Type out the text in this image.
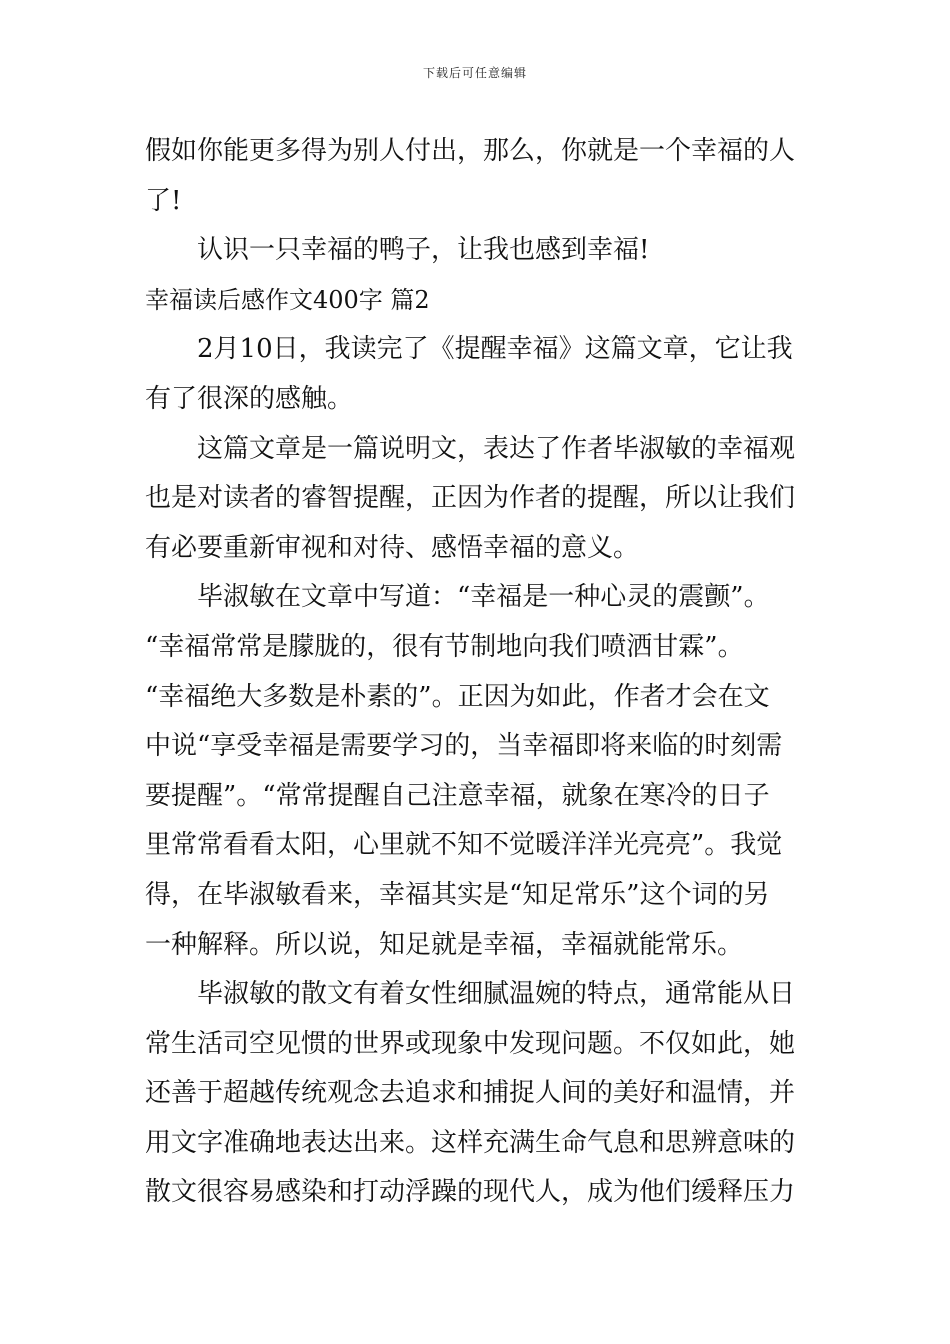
下载后可任意编辑
假如你能更多得为别人付出，那么，你就是一个幸福的人
了!
认识一只幸福的鸭子，让我也感到幸福!
幸福读后感作文400字 篇2
2月10日，我读完了《提醒幸福》这篇文章，它让我
有了很深的感触。
这篇文章是一篇说明文，表达了作者毕淑敏的幸福观
也是对读者的睿智提醒，正因为作者的提醒，所以让我们
有必要重新审视和对待、感悟幸福的意义。
毕淑敏在文章中写道：“幸福是一种心灵的震颤”。
“幸福常常是朦胧的，很有节制地向我们喷洒甘霖”。
“幸福绝大多数是朴素的”。正因为如此，作者才会在文
中说“享受幸福是需要学习的，当幸福即将来临的时刻需
要提醒”。“常常提醒自己注意幸福，就象在寒冷的日子
里常常看看太阳，心里就不知不觉暖洋洋光亮亮”。我觉
得，在毕淑敏看来，幸福其实是“知足常乐”这个词的另
一种解释。所以说，知足就是幸福，幸福就能常乐。
毕淑敏的散文有着女性细腻温婉的特点，通常能从日
常生活司空见惯的世界或现象中发现问题。不仅如此，她
还善于超越传统观念去追求和捕捉人间的美好和温情，并
用文字准确地表达出来。这样充满生命气息和思辨意味的
散文很容易感染和打动浮躁的现代人，成为他们缓释压力
